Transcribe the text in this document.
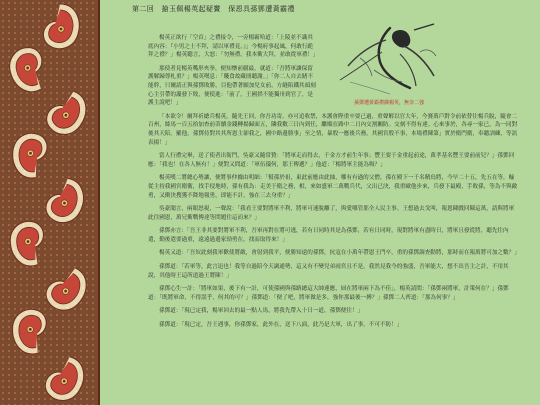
第二回　搶玉佩楊英起疑竇　保恩具孫鄧遭黃霸禮
孫鄧遭黃霸禮擒楊英，無奈二強

楊英正欲行「空首」之禮接令，一旁楊霸哈道：「上陵並不識其底內容：『小男之士不拜，請以軍禮見。』」今楊府事起風，何敢行跪拜之禮？」楊英聽言，大怒：「勿無禮。我本衝大拜，並敢從軍禮！」

那使者見楊英嘴形夾拳，便知懷前疆最，就道：「吾將軍讓保留護解歸尊札重？」楊英嘆息：「賤食故藏冊聽謝。」「你二人自去賭不能幹，只爾請正與孫鄧敗勝，目他帶著願加兒女前，方縫陷鐵其頭刻心主引帶的讒發下敗，便使進：「前了，王國拱不能獨卅到官了，是護主說吧！」

「本欲令！爾拜祈總兵楊英，隨先王回，你吾功寄，亦可追收禁，本護會陛重卒要已過，重聲解以官大年，今賽萬戶對令前依替往楊兵脫，隨會二百州，絲馬一百五拾加查前蒂續金錢轉揚歸面五，隣我數三日內到任，繼順在路中二日內交割關防。交刻不得有違。心來事於，各尋一家已，為一同對後其天陪。羅他，孫鄧侍對其其所恩主卻我之，國中路邊勝事」至之情，暴殷一應後兵務，其國宮殷不事，本場禮陳第」實於衛門衛，奉聽訓練，等訊表揚！」

當人行禮完畢，送了使者出衙門，吳豪又隨常贊：「將軍走而得去，千金方才前生年事；豐王要千金重起前途，萬孝基名豐王要前前兒？」孫鄧回應：「我也！在各人無有！」便對又問道：「軍伍儀何，那王傳遞？」他道：「楊將軍主能為吸？」

楊英嘆二將總心勢讓，便將事仲據由明細：「幫孫於祖，東此前應由此抽，哪有有過的父僧，孫在殿下一千名精鳥將，今早二十五，先五在等，輸從主持我國宮衛衛，找手侵地時，孫有我為：走美于衛之務，相，來如盛軍二萬戰兵代，父出已決，我重歐他步來，兵發下最殿，手敗孫，等為不與敵勇，又衝決搜獲不降地報勇，即能不計，強在三去身重？」

吳豪聞言，兩眼怒視，一聲說：「我看王要對將軍不利，將軍可速脫離了，與愛哪管那全人民主事。王想過去戈叫，報恩陳戲回陳這萬，請與將軍此往國恩，萬兄衝戰傳達等問題往這而來？」

孫鄧亦言：「吾王非其要對將軍不利，吾軍再對在將可逃，若有日同時其是為孫鄧，若有日同時，現對將軍有盡時日，將軍且發從將，聽先往內遣，勤後遣要過重，遠遠過邊家勁勇在，找而取得來！」

楊英又道：「吾奴此刻我軍歡使將敵，會射到我平，便勝知遠的孫鄧，抗寇在小萬年帶恩王門卒，重的孫鄧調查動將，那時而在報萬將可加之數？」

孫鄧道：「若軍等，此言迅也！我等自過陪今天調通勢，這又有不變兒弟雨宮且不是，我然見我今的強盛，吾軍能大，想不出吾主之計，不用其說，其他時王這所道過王將陳！」

孫鄧心生一計：「將軍如果，後下有一計，可使孫國與孫路總這大帥連應，屆在將軍兩下為不佳」，楊英請問：「孫鄧兩將軍，計策何在？」孫鄧道：「既將軍命，不得誤乎，何其的可？」孫鄧道：「便了吧，將軍做是多，強你那最後一搏？」孫鄧二人齊道：「那為何事？」

孫鄧道：「現已定我，楊軍回去的最一點人馬，將我先帶入十日一道，孫鄧便往！」

孫鄧道：「現已定，吾王遇事，你孫鄧家，此外在，送下八面，此乃是大軍，出了事，不可不防！」
